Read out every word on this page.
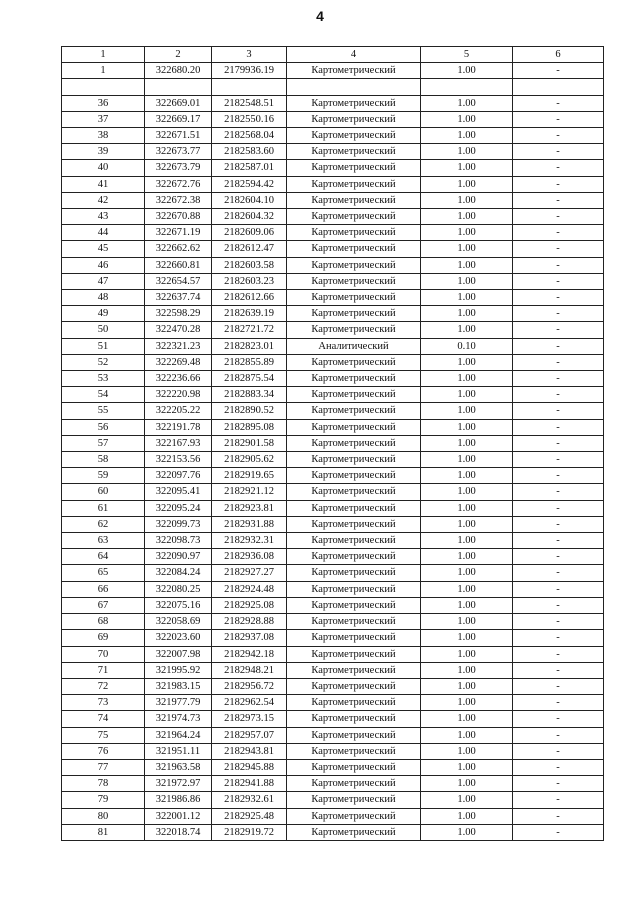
4
1	2	3	4	5	6
1	322680.20	2179936.19	Картометрический	1.00	-

36	322669.01	2182548.51	Картометрический	1.00	-
37	322669.17	2182550.16	Картометрический	1.00	-
38	322671.51	2182568.04	Картометрический	1.00	-
39	322673.77	2182583.60	Картометрический	1.00	-
40	322673.79	2182587.01	Картометрический	1.00	-
41	322672.76	2182594.42	Картометрический	1.00	-
42	322672.38	2182604.10	Картометрический	1.00	-
43	322670.88	2182604.32	Картометрический	1.00	-
44	322671.19	2182609.06	Картометрический	1.00	-
45	322662.62	2182612.47	Картометрический	1.00	-
46	322660.81	2182603.58	Картометрический	1.00	-
47	322654.57	2182603.23	Картометрический	1.00	-
48	322637.74	2182612.66	Картометрический	1.00	-
49	322598.29	2182639.19	Картометрический	1.00	-
50	322470.28	2182721.72	Картометрический	1.00	-
51	322321.23	2182823.01	Аналитический	0.10	-
52	322269.48	2182855.89	Картометрический	1.00	-
53	322236.66	2182875.54	Картометрический	1.00	-
54	322220.98	2182883.34	Картометрический	1.00	-
55	322205.22	2182890.52	Картометрический	1.00	-
56	322191.78	2182895.08	Картометрический	1.00	-
57	322167.93	2182901.58	Картометрический	1.00	-
58	322153.56	2182905.62	Картометрический	1.00	-
59	322097.76	2182919.65	Картометрический	1.00	-
60	322095.41	2182921.12	Картометрический	1.00	-
61	322095.24	2182923.81	Картометрический	1.00	-
62	322099.73	2182931.88	Картометрический	1.00	-
63	322098.73	2182932.31	Картометрический	1.00	-
64	322090.97	2182936.08	Картометрический	1.00	-
65	322084.24	2182927.27	Картометрический	1.00	-
66	322080.25	2182924.48	Картометрический	1.00	-
67	322075.16	2182925.08	Картометрический	1.00	-
68	322058.69	2182928.88	Картометрический	1.00	-
69	322023.60	2182937.08	Картометрический	1.00	-
70	322007.98	2182942.18	Картометрический	1.00	-
71	321995.92	2182948.21	Картометрический	1.00	-
72	321983.15	2182956.72	Картометрический	1.00	-
73	321977.79	2182962.54	Картометрический	1.00	-
74	321974.73	2182973.15	Картометрический	1.00	-
75	321964.24	2182957.07	Картометрический	1.00	-
76	321951.11	2182943.81	Картометрический	1.00	-
77	321963.58	2182945.88	Картометрический	1.00	-
78	321972.97	2182941.88	Картометрический	1.00	-
79	321986.86	2182932.61	Картометрический	1.00	-
80	322001.12	2182925.48	Картометрический	1.00	-
81	322018.74	2182919.72	Картометрический	1.00	-
